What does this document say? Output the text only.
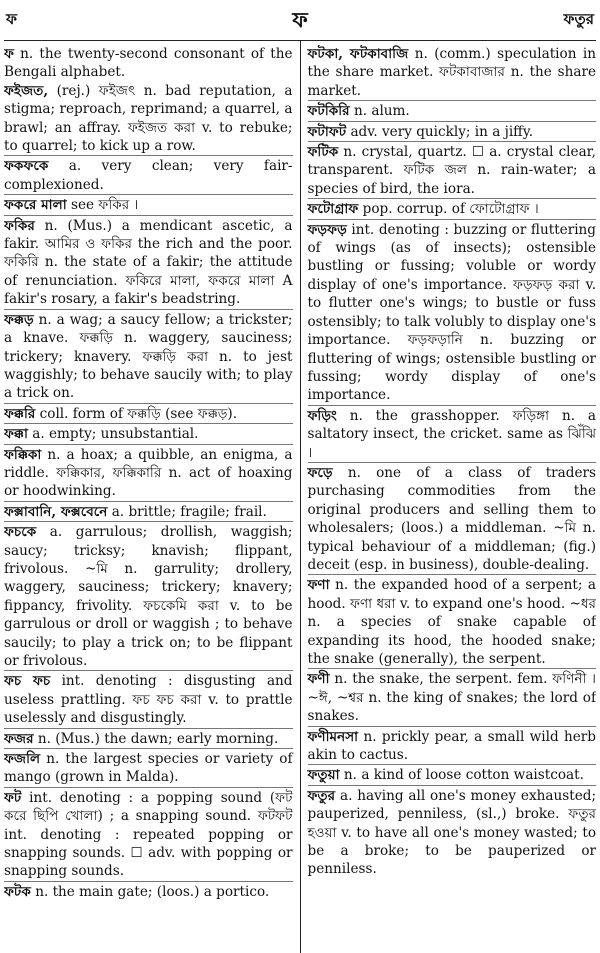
ফ	ফ	ফতুর

ফ n. the twenty-second consonant of the Bengali alphabet.

ফইজত, (rej.) ফইজৎ n. bad reputation, a stigma; reproach, reprimand; a quarrel, a brawl; an affray. ফইজত করা v. to rebuke; to quarrel; to kick up a row.

ফকফকে a. very clean; very fair-complexioned.

ফকরে মালা see ফকির ।

ফকির n. (Mus.) a mendicant ascetic, a fakir. আমির ও ফকির the rich and the poor. ফকিরি n. the state of a fakir; the attitude of renunciation. ফকিরে মালা, ফকরে মালা A fakir's rosary, a fakir's beadstring.

ফক্কড় n. a wag; a saucy fellow; a trickster; a knave. ফক্কড়ি n. waggery, sauciness; trickery; knavery. ফক্কড়ি করা n. to jest waggishly; to behave saucily with; to play a trick on.

ফক্করি coll. form of ফক্কড়ি (see ফক্কড়).

ফক্কা a. empty; unsubstantial.

ফক্কিকা n. a hoax; a quibble, an enigma, a riddle. ফক্কিকার, ফক্কিকারি n. act of hoaxing or hoodwinking.

ফক্সাবানি, ফক্সবেনে a. brittle; fragile; frail.

ফচকে a. garrulous; drollish, waggish; saucy; tricksy; knavish; flippant, frivolous. ~মি n. garrulity; drollery, waggery, sauciness; trickery; knavery; fippancy, frivolity. ফচকেমি করা v. to be garrulous or droll or waggish ; to behave saucily; to play a trick on; to be flippant or frivolous.

ফচ ফচ int. denoting : disgusting and useless prattling. ফচ ফচ করা v. to prattle uselessly and disgustingly.

ফজর n. (Mus.) the dawn; early morning.

ফজলি n. the largest species or variety of mango (grown in Malda).

ফট int. denoting : a popping sound (ফট করে ছিপি খোলা) ; a snapping sound. ফটফট int. denoting : repeated popping or snapping sounds. ☐ adv. with popping or snapping sounds.

ফটক n. the main gate; (loos.) a portico.

ফটকা, ফটকাবাজি n. (comm.) speculation in the share market. ফটকাবাজার n. the share market.

ফটকিরি n. alum.

ফটাফট adv. very quickly; in a jiffy.

ফটিক n. crystal, quartz. ☐ a. crystal clear, transparent. ফটিক জল n. rain-water; a species of bird, the iora.

ফটোগ্রাফ pop. corrup. of ফোটোগ্রাফ ।

ফড়ফড় int. denoting : buzzing or fluttering of wings (as of insects); ostensible bustling or fussing; voluble or wordy display of one's importance. ফড়ফড় করা v. to flutter one's wings; to bustle or fuss ostensibly; to talk volubly to display one's importance. ফড়ফড়ানি n. buzzing or fluttering of wings; ostensible bustling or fussing; wordy display of one's importance.

ফড়িং n. the grasshopper. ফড়িঙ্গা n. a saltatory insect, the cricket. same as ঝিঁঝি ।

ফড়ে n. one of a class of traders purchasing commodities from the original producers and selling them to wholesalers; (loos.) a middleman. ~মি n. typical behaviour of a middleman; (fig.) deceit (esp. in business), double-dealing.

ফণা n. the expanded hood of a serpent; a hood. ফণা ধরা v. to expand one's hood. ~ধর n. a species of snake capable of expanding its hood, the hooded snake; the snake (generally), the serpent.

ফণী n. the snake, the serpent. fem. ফণিনী । ~ঈ, ~শ্বর n. the king of snakes; the lord of snakes.

ফণীমনসা n. prickly pear, a small wild herb akin to cactus.

ফতুয়া n. a kind of loose cotton waistcoat.

ফতুর a. having all one's money exhausted; pauperized, penniless, (sl.,) broke. ফতুর হওয়া v. to have all one's money wasted; to be a broke; to be pauperized or penniless.
